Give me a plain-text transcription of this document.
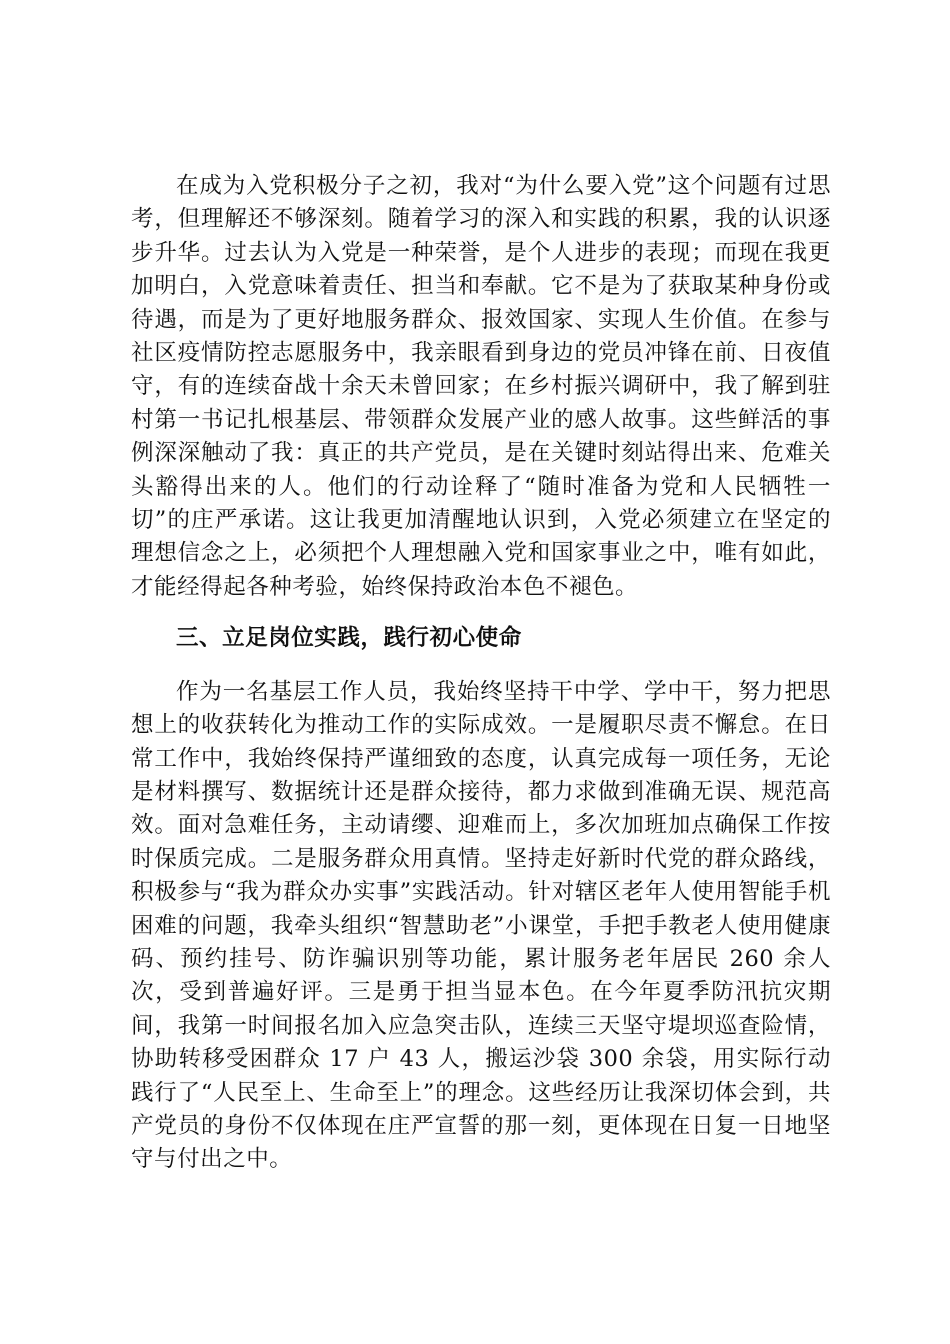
在成为入党积极分子之初，我对“为什么要入党”这个问题有过思考，但理解还不够深刻。随着学习的深入和实践的积累，我的认识逐步升华。过去认为入党是一种荣誉，是个人进步的表现；而现在我更加明白，入党意味着责任、担当和奉献。它不是为了获取某种身份或待遇，而是为了更好地服务群众、报效国家、实现人生价值。在参与社区疫情防控志愿服务中，我亲眼看到身边的党员冲锋在前、日夜值守，有的连续奋战十余天未曾回家；在乡村振兴调研中，我了解到驻村第一书记扎根基层、带领群众发展产业的感人故事。这些鲜活的事例深深触动了我：真正的共产党员，是在关键时刻站得出来、危难关头豁得出来的人。他们的行动诠释了“随时准备为党和人民牺牲一切”的庄严承诺。这让我更加清醒地认识到，入党必须建立在坚定的理想信念之上，必须把个人理想融入党和国家事业之中，唯有如此，才能经得起各种考验，始终保持政治本色不褪色。

三、立足岗位实践，践行初心使命

作为一名基层工作人员，我始终坚持干中学、学中干，努力把思想上的收获转化为推动工作的实际成效。一是履职尽责不懈怠。在日常工作中，我始终保持严谨细致的态度，认真完成每一项任务，无论是材料撰写、数据统计还是群众接待，都力求做到准确无误、规范高效。面对急难任务，主动请缨、迎难而上，多次加班加点确保工作按时保质完成。二是服务群众用真情。坚持走好新时代党的群众路线，积极参与“我为群众办实事”实践活动。针对辖区老年人使用智能手机困难的问题，我牵头组织“智慧助老”小课堂，手把手教老人使用健康码、预约挂号、防诈骗识别等功能，累计服务老年居民 260 余人次，受到普遍好评。三是勇于担当显本色。在今年夏季防汛抗灾期间，我第一时间报名加入应急突击队，连续三天坚守堤坝巡查险情，协助转移受困群众 17 户 43 人，搬运沙袋 300 余袋，用实际行动践行了“人民至上、生命至上”的理念。这些经历让我深切体会到，共产党员的身份不仅体现在庄严宣誓的那一刻，更体现在日复一日地坚守与付出之中。
